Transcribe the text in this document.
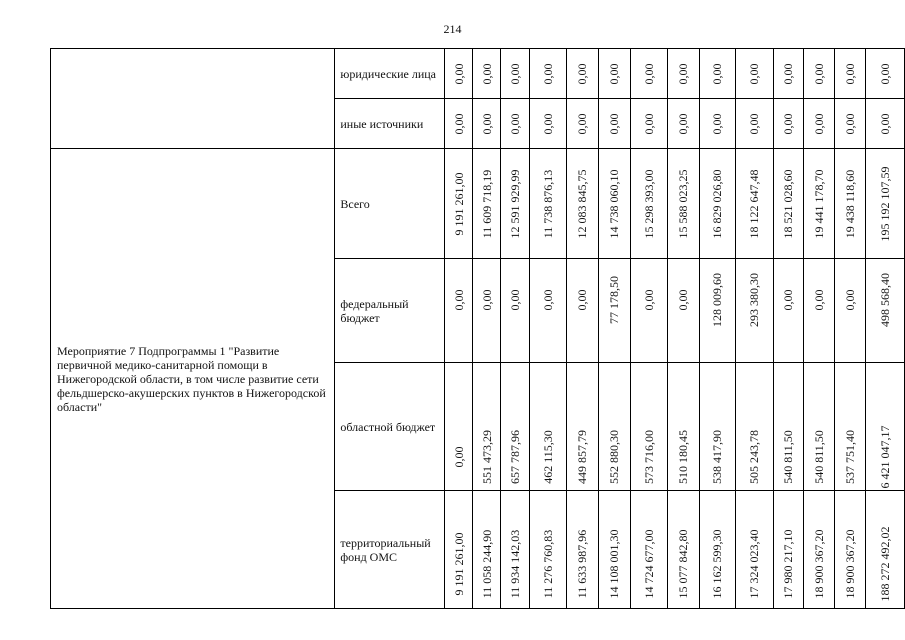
214
	юридические лица	0,00	0,00	0,00	0,00	0,00	0,00	0,00	0,00	0,00	0,00	0,00	0,00	0,00	0,00

	иные источники	0,00	0,00	0,00	0,00	0,00	0,00	0,00	0,00	0,00	0,00	0,00	0,00	0,00	0,00

Мероприятие 7 Подпрограммы 1 "Развитие первичной медико-санитарной помощи в Нижегородской области, в том числе развитие сети фельдшерско-акушерских пунктов в Нижегородской области"	Всего	9 191 261,00	11 609 718,19	12 591 929,99	11 738 876,13	12 083 845,75	14 738 060,10	15 298 393,00	15 588 023,25	16 829 026,80	18 122 647,48	18 521 028,60	19 441 178,70	19 438 118,60	195 192 107,59

	федеральный бюджет	0,00	0,00	0,00	0,00	0,00	77 178,50	0,00	0,00	128 009,60	293 380,30	0,00	0,00	0,00	498 568,40

	областной бюджет	0,00	551 473,29	657 787,96	462 115,30	449 857,79	552 880,30	573 716,00	510 180,45	538 417,90	505 243,78	540 811,50	540 811,50	537 751,40	6 421 047,17

	территориальный фонд ОМС	9 191 261,00	11 058 244,90	11 934 142,03	11 276 760,83	11 633 987,96	14 108 001,30	14 724 677,00	15 077 842,80	16 162 599,30	17 324 023,40	17 980 217,10	18 900 367,20	18 900 367,20	188 272 492,02
